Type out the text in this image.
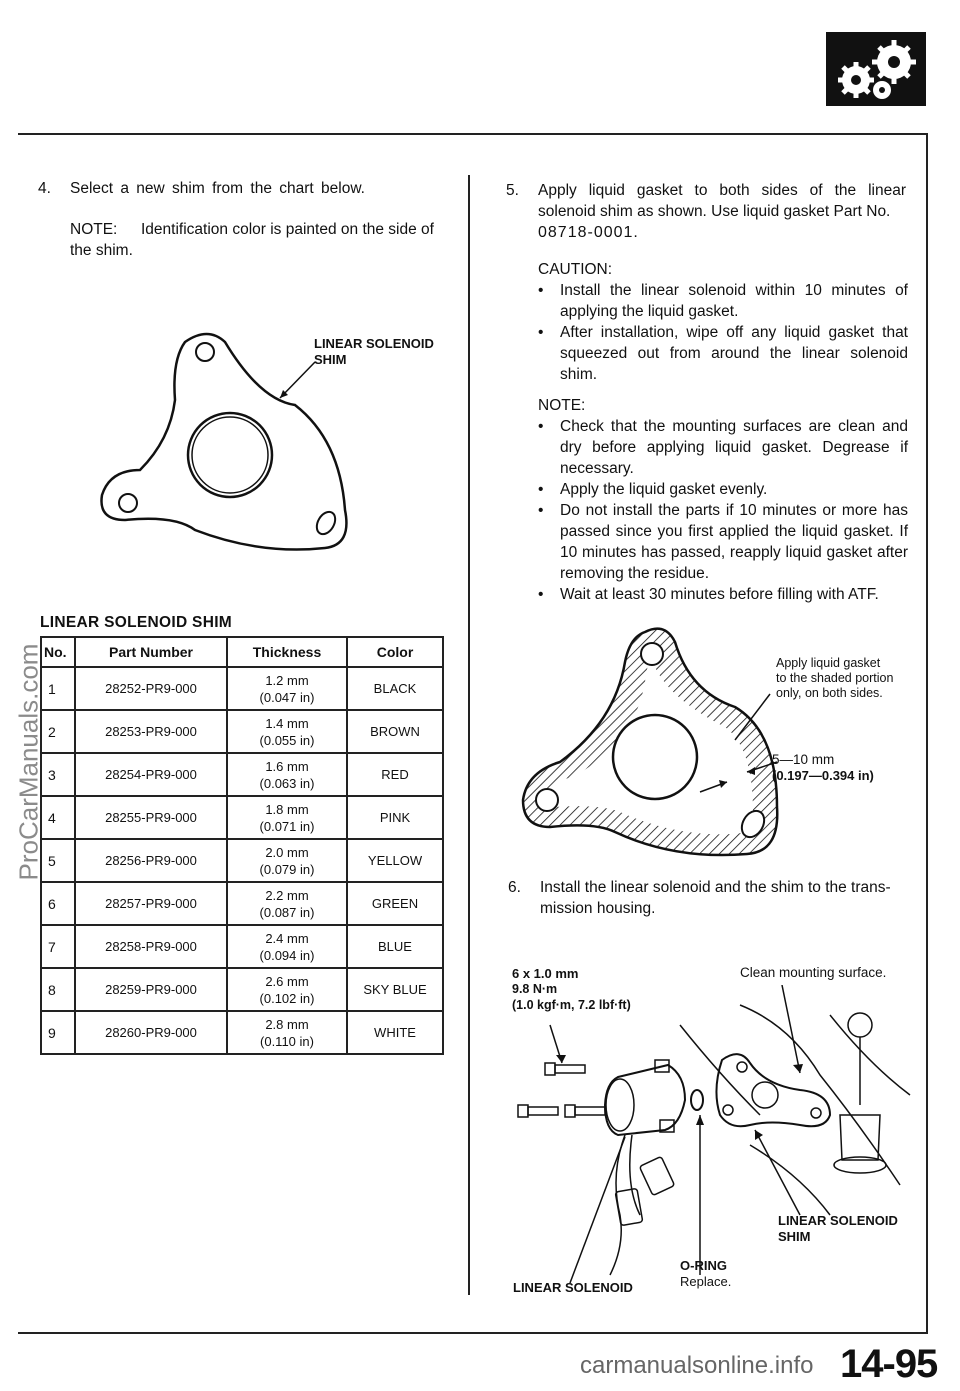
4. Select a new shim from the chart below.
NOTE: Identification color is painted on the side of
the shim.
LINEAR SOLENOID
SHIM
LINEAR SOLENOID SHIM
No.	Part Number	Thickness	Color
1	28252-PR9-000	1.2 mm
(0.047 in)	BLACK
2	28253-PR9-000	1.4 mm
(0.055 in)	BROWN
3	28254-PR9-000	1.6 mm
(0.063 in)	RED
4	28255-PR9-000	1.8 mm
(0.071 in)	PINK
5	28256-PR9-000	2.0 mm
(0.079 in)	YELLOW
6	28257-PR9-000	2.2 mm
(0.087 in)	GREEN
7	28258-PR9-000	2.4 mm
(0.094 in)	BLUE
8	28259-PR9-000	2.6 mm
(0.102 in)	SKY BLUE
9	28260-PR9-000	2.8 mm
(0.110 in)	WHITE
5. Apply liquid gasket to both sides of the linear
solenoid shim as shown. Use liquid gasket Part No.
08718-0001.
CAUTION:

• Install the linear solenoid within 10 minutes of applying the liquid gasket.

• After installation, wipe off any liquid gasket that squeezed out from around the linear solenoid shim.

NOTE:

• Check that the mounting surfaces are clean and dry before applying liquid gasket. Degrease if necessary.

• Apply the liquid gasket evenly.

• Do not install the parts if 10 minutes or more has passed since you first applied the liquid gasket. If 10 minutes has passed, reapply liquid gasket after removing the residue.

• Wait at least 30 minutes before filling with ATF.

Apply liquid gasket
to the shaded portion
only, on both sides.
5—10 mm
(0.197—0.394 in)
6. Install the linear solenoid and the shim to the trans-
mission housing.
6 x 1.0 mm
9.8 N·m
(1.0 kgf·m, 7.2 lbf·ft)
Clean mounting surface.
LINEAR SOLENOID
SHIM
O-RING
Replace.
LINEAR SOLENOID
14-95
ProCarManuals.com
carmanualsonline.info
